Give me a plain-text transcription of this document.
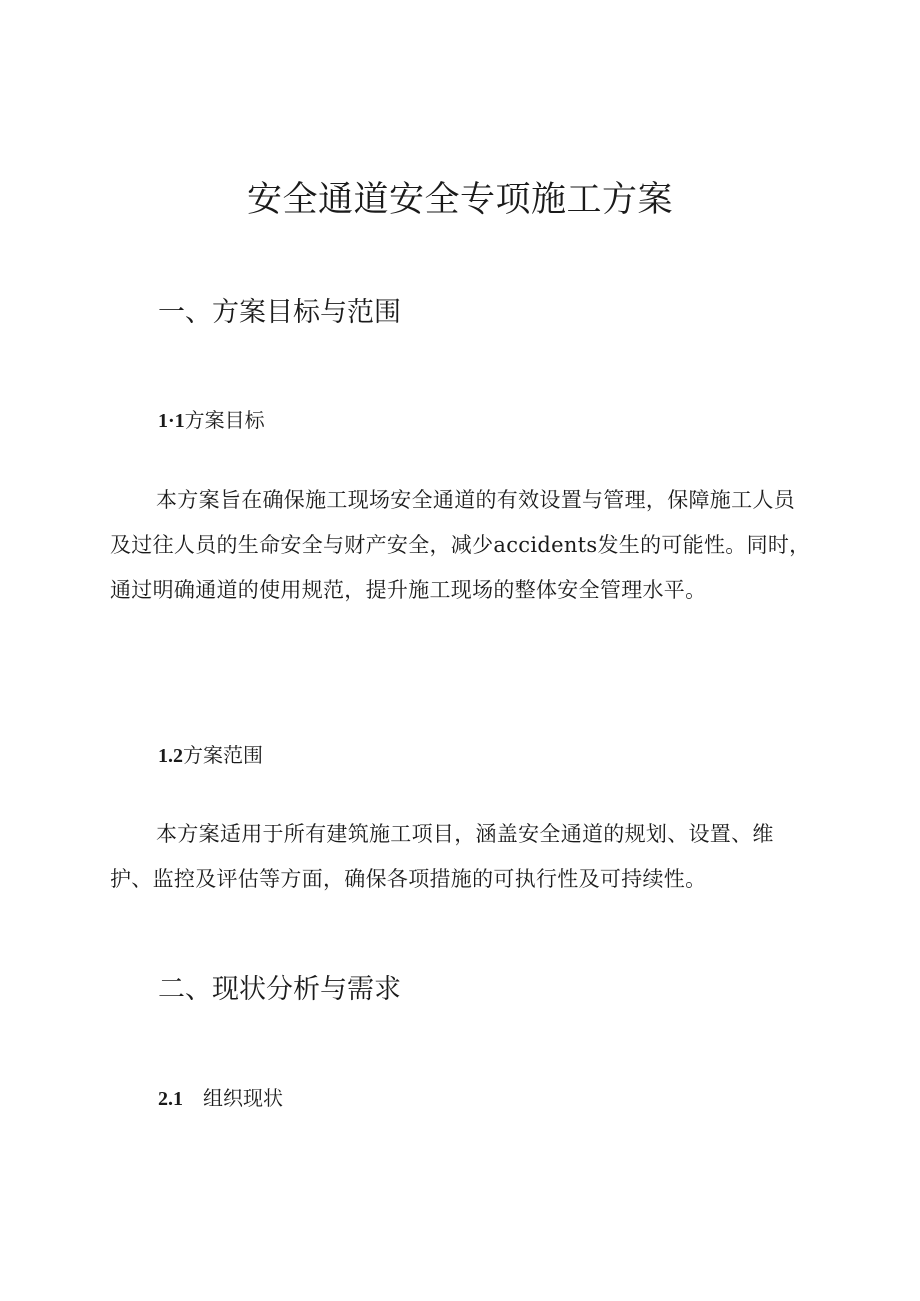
安全通道安全专项施工方案
一、方案目标与范围
1·1方案目标

本方案旨在确保施工现场安全通道的有效设置与管理，保障施工人员及过往人员的生命安全与财产安全，减少accidents发生的可能性。同时，通过明确通道的使用规范，提升施工现场的整体安全管理水平。

1.2方案范围

本方案适用于所有建筑施工项目，涵盖安全通道的规划、设置、维护、监控及评估等方面，确保各项措施的可执行性及可持续性。

二、现状分析与需求
2.1 组织现状
